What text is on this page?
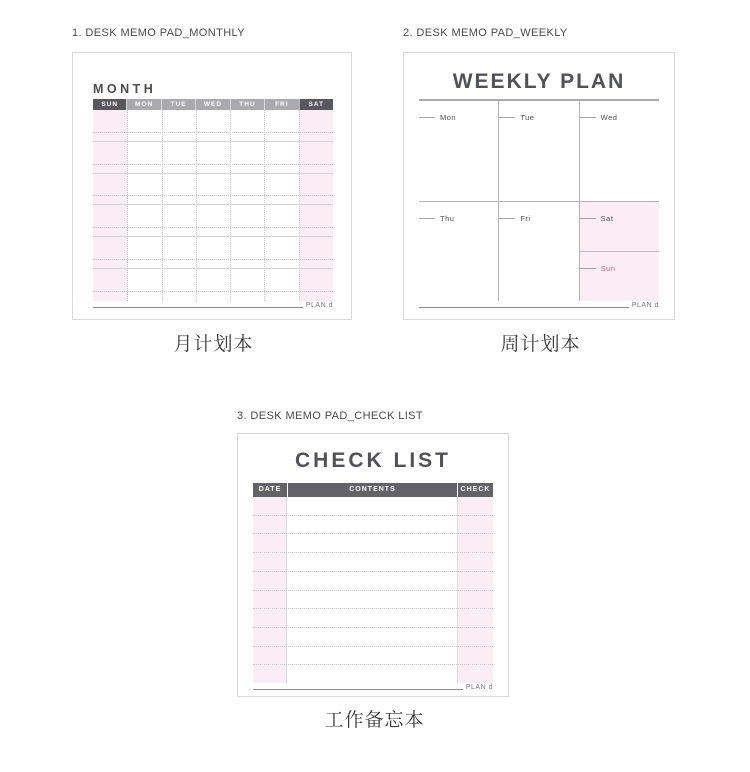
1. DESK MEMO PAD_MONTHLY
MONTH
SUN	MON	TUE	WED	THU	FRI	SAT
PLAN d
月计划本
2. DESK MEMO PAD_WEEKLY
WEEKLY PLAN
Mon	Tue	Wed
Thu	Fri	Sat
Sun
PLAN d
周计划本
3. DESK MEMO PAD_CHECK LIST
CHECK LIST
DATE	CONTENTS	CHECK
PLAN d
工作备忘本
